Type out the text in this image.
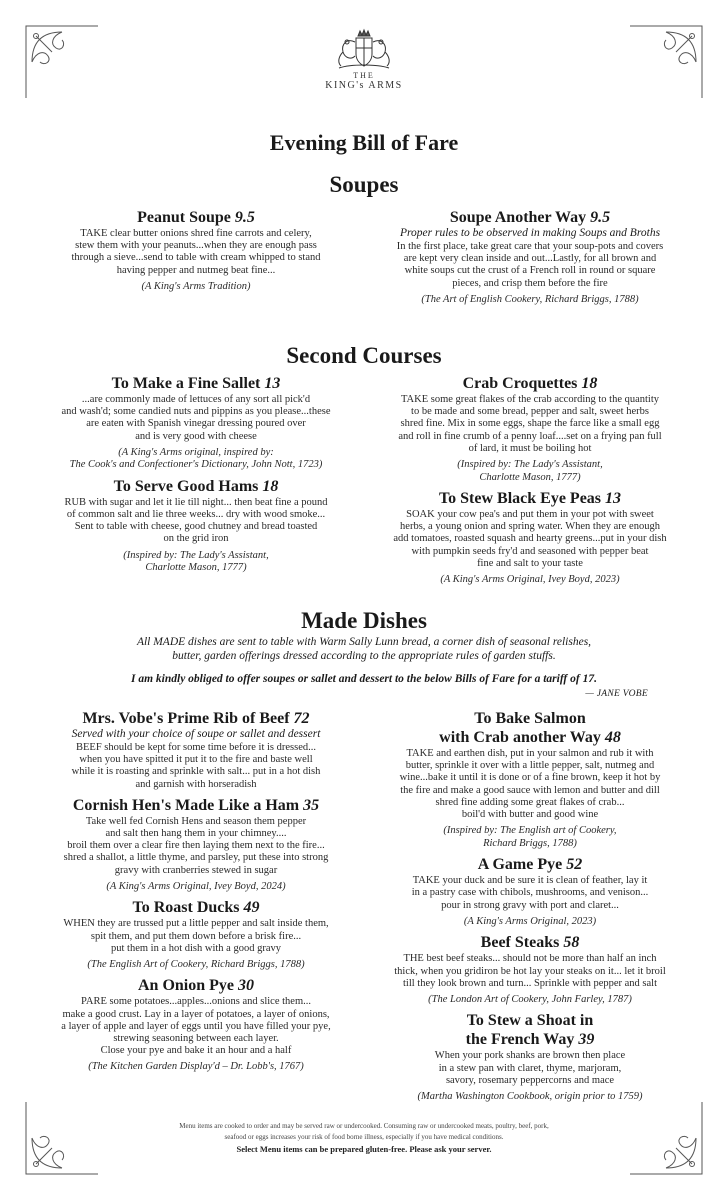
THE
KING's ARMS
Evening Bill of Fare
Soupes
Peanut Soupe 9.5
TAKE clear butter onions shred fine carrots and celery,
stew them with your peanuts...when they are enough pass
through a sieve...send to table with cream whipped to stand
having pepper and nutmeg beat fine...
(A King's Arms Tradition)
Soupe Another Way 9.5
Proper rules to be observed in making Soups and Broths
In the first place, take great care that your soup-pots and covers
are kept very clean inside and out...Lastly, for all brown and
white soups cut the crust of a French roll in round or square
pieces, and crisp them before the fire
(The Art of English Cookery, Richard Briggs, 1788)
Second Courses
To Make a Fine Sallet 13
...are commonly made of lettuces of any sort all pick'd
and wash'd; some candied nuts and pippins as you please...these
are eaten with Spanish vinegar dressing poured over
and is very good with cheese
(A King's Arms original, inspired by:
The Cook's and Confectioner's Dictionary, John Nott, 1723)
To Serve Good Hams 18
RUB with sugar and let it lie till night... then beat fine a pound
of common salt and lie three weeks... dry with wood smoke...
Sent to table with cheese, good chutney and bread toasted
on the grid iron
(Inspired by: The Lady's Assistant,
Charlotte Mason, 1777)
Crab Croquettes 18
TAKE some great flakes of the crab according to the quantity
to be made and some bread, pepper and salt, sweet herbs
shred fine. Mix in some eggs, shape the farce like a small egg
and roll in fine crumb of a penny loaf....set on a frying pan full
of lard, it must be boiling hot
(Inspired by: The Lady's Assistant,
Charlotte Mason, 1777)
To Stew Black Eye Peas 13
SOAK your cow pea's and put them in your pot with sweet
herbs, a young onion and spring water. When they are enough
add tomatoes, roasted squash and hearty greens...put in your dish
with pumpkin seeds fry'd and seasoned with pepper beat
fine and salt to your taste
(A King's Arms Original, Ivey Boyd, 2023)
Made Dishes
All MADE dishes are sent to table with Warm Sally Lunn bread, a corner dish of seasonal relishes,
butter, garden offerings dressed according to the appropriate rules of garden stuffs.
I am kindly obliged to offer soupes or sallet and dessert to the below Bills of Fare for a tariff of 17.
— JANE VOBE
Mrs. Vobe's Prime Rib of Beef 72
Served with your choice of soupe or sallet and dessert
BEEF should be kept for some time before it is dressed...
when you have spitted it put it to the fire and baste well
while it is roasting and sprinkle with salt... put in a hot dish
and garnish with horseradish
Cornish Hen's Made Like a Ham 35
Take well fed Cornish Hens and season them pepper
and salt then hang them in your chimney....
broil them over a clear fire then laying them next to the fire...
shred a shallot, a little thyme, and parsley, put these into strong
gravy with cranberries stewed in sugar
(A King's Arms Original, Ivey Boyd, 2024)
To Roast Ducks 49
WHEN they are trussed put a little pepper and salt inside them,
spit them, and put them down before a brisk fire...
put them in a hot dish with a good gravy
(The English Art of Cookery, Richard Briggs, 1788)
An Onion Pye 30
PARE some potatoes...apples...onions and slice them...
make a good crust. Lay in a layer of potatoes, a layer of onions,
a layer of apple and layer of eggs until you have filled your pye,
strewing seasoning between each layer.
Close your pye and bake it an hour and a half
(The Kitchen Garden Display'd – Dr. Lobb's, 1767)
To Bake Salmon
with Crab another Way 48
TAKE and earthen dish, put in your salmon and rub it with
butter, sprinkle it over with a little pepper, salt, nutmeg and
wine...bake it until it is done or of a fine brown, keep it hot by
the fire and make a good sauce with lemon and butter and dill
shred fine adding some great flakes of crab...
boil'd with butter and good wine
(Inspired by: The English art of Cookery,
Richard Briggs, 1788)
A Game Pye 52
TAKE your duck and be sure it is clean of feather, lay it
in a pastry case with chibols, mushrooms, and venison...
pour in strong gravy with port and claret...
(A King's Arms Original, 2023)
Beef Steaks 58
THE best beef steaks... should not be more than half an inch
thick, when you gridiron be hot lay your steaks on it... let it broil
till they look brown and turn... Sprinkle with pepper and salt
(The London Art of Cookery, John Farley, 1787)
To Stew a Shoat in
the French Way 39
When your pork shanks are brown then place
in a stew pan with claret, thyme, marjoram,
savory, rosemary peppercorns and mace
(Martha Washington Cookbook, origin prior to 1759)
Menu items are cooked to order and may be served raw or undercooked. Consuming raw or undercooked meats, poultry, beef, pork,
seafood or eggs increases your risk of food borne illness, especially if you have medical conditions.
Select Menu items can be prepared gluten-free. Please ask your server.
